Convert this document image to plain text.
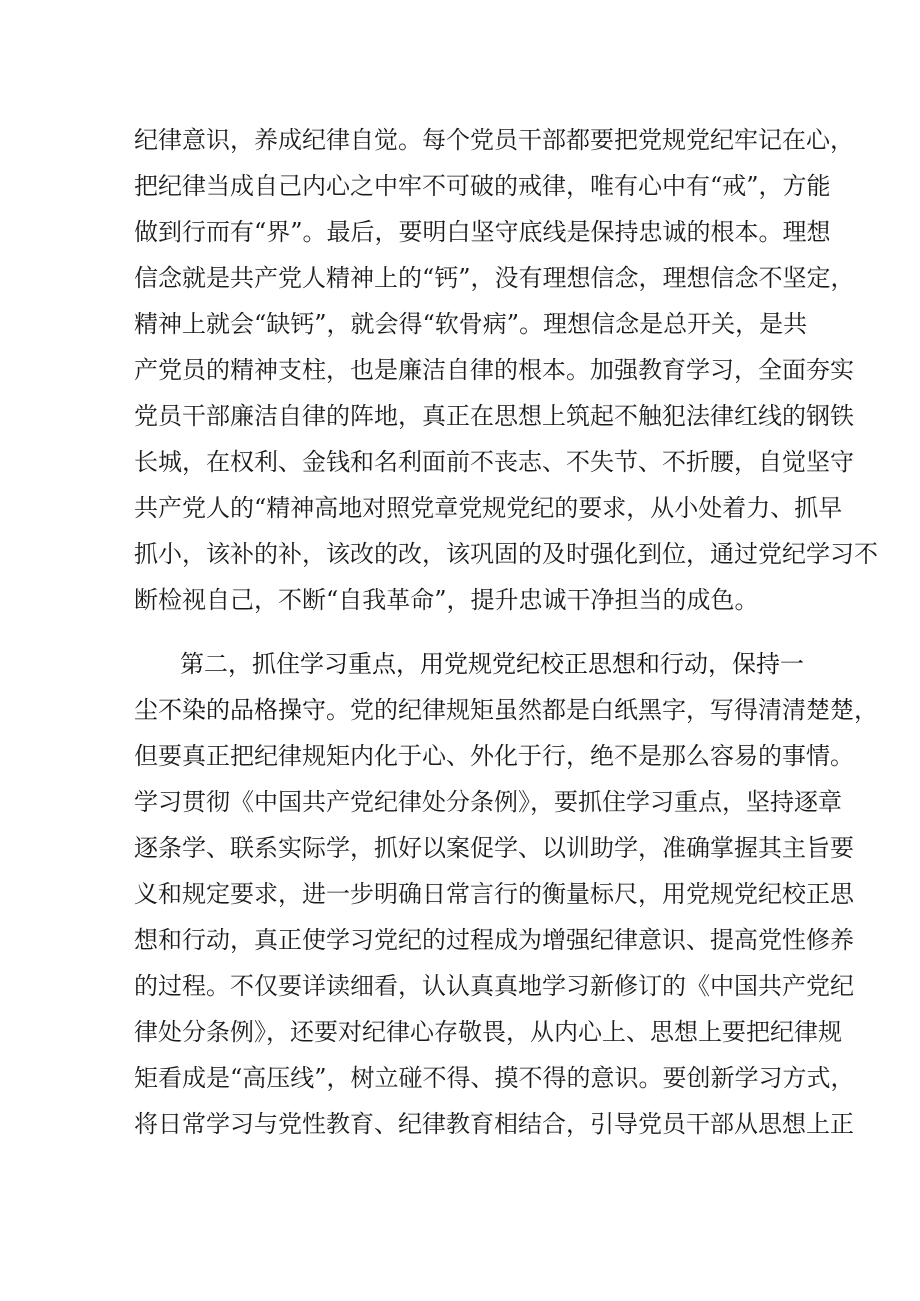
纪律意识，养成纪律自觉。每个党员干部都要把党规党纪牢记在心，
把纪律当成自己内心之中牢不可破的戒律，唯有心中有“戒”，方能
做到行而有“界”。最后，要明白坚守底线是保持忠诚的根本。理想
信念就是共产党人精神上的“钙”，没有理想信念，理想信念不坚定，
精神上就会“缺钙”，就会得“软骨病”。理想信念是总开关，是共
产党员的精神支柱，也是廉洁自律的根本。加强教育学习，全面夯实
党员干部廉洁自律的阵地，真正在思想上筑起不触犯法律红线的钢铁
长城，在权利、金钱和名利面前不丧志、不失节、不折腰，自觉坚守
共产党人的“精神高地对照党章党规党纪的要求，从小处着力、抓早
抓小，该补的补，该改的改，该巩固的及时强化到位，通过党纪学习不
断检视自己，不断“自我革命”，提升忠诚干净担当的成色。
第二，抓住学习重点，用党规党纪校正思想和行动，保持一
尘不染的品格操守。党的纪律规矩虽然都是白纸黑字，写得清清楚楚，
但要真正把纪律规矩内化于心、外化于行，绝不是那么容易的事情。
学习贯彻《中国共产党纪律处分条例》，要抓住学习重点，坚持逐章
逐条学、联系实际学，抓好以案促学、以训助学，准确掌握其主旨要
义和规定要求，进一步明确日常言行的衡量标尺，用党规党纪校正思
想和行动，真正使学习党纪的过程成为增强纪律意识、提高党性修养
的过程。不仅要详读细看，认认真真地学习新修订的《中国共产党纪
律处分条例》，还要对纪律心存敬畏，从内心上、思想上要把纪律规
矩看成是“高压线”，树立碰不得、摸不得的意识。要创新学习方式，
将日常学习与党性教育、纪律教育相结合，引导党员干部从思想上正
